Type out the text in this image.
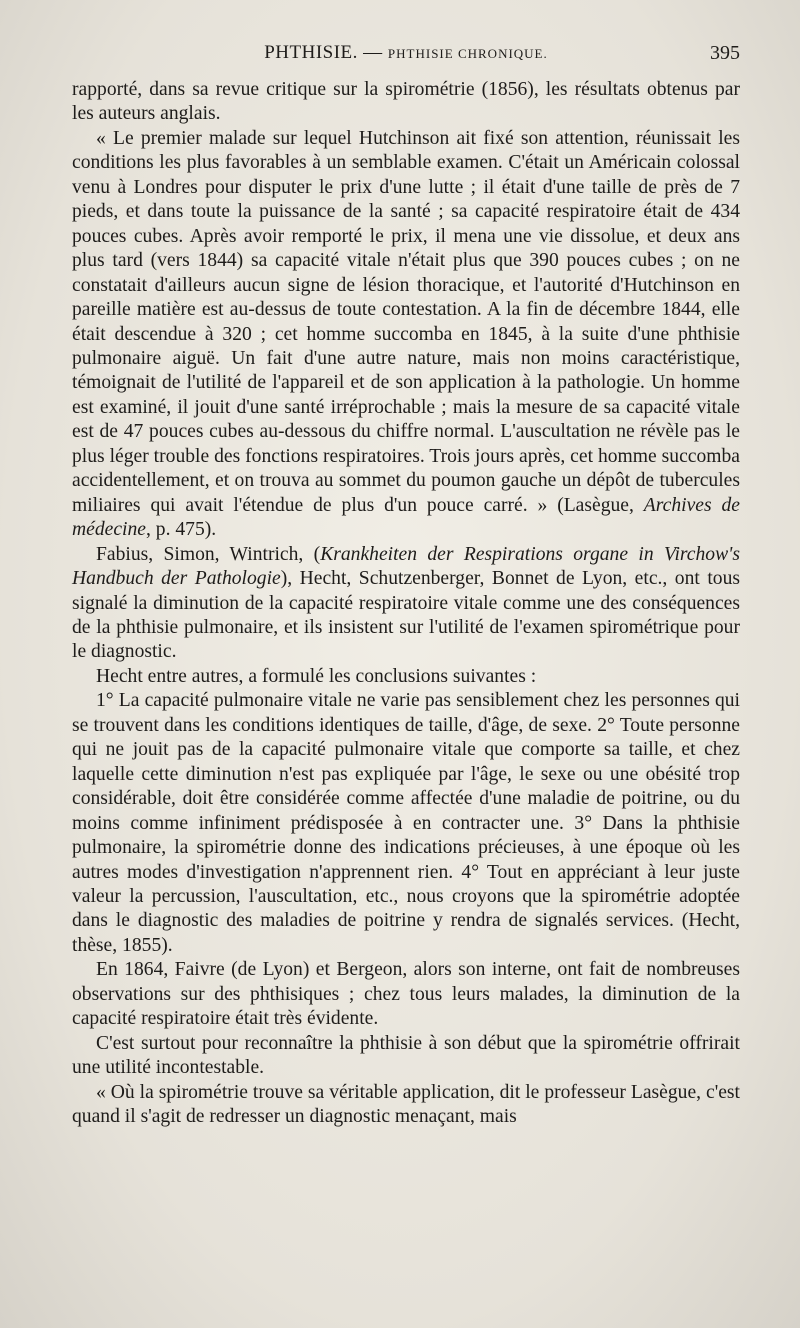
PHTHISIE. — PHTHISIE CHRONIQUE.	395

rapporté, dans sa revue critique sur la spirométrie (1856), les résultats obtenus par les auteurs anglais.

« Le premier malade sur lequel Hutchinson ait fixé son attention, réunissait les conditions les plus favorables à un semblable examen. C'était un Américain colossal venu à Londres pour disputer le prix d'une lutte ; il était d'une taille de près de 7 pieds, et dans toute la puissance de la santé ; sa capacité respiratoire était de 434 pouces cubes. Après avoir remporté le prix, il mena une vie dissolue, et deux ans plus tard (vers 1844) sa capacité vitale n'était plus que 390 pouces cubes ; on ne constatait d'ailleurs aucun signe de lésion thoracique, et l'autorité d'Hutchinson en pareille matière est au-dessus de toute contestation. A la fin de décembre 1844, elle était descendue à 320 ; cet homme succomba en 1845, à la suite d'une phthisie pulmonaire aiguë. Un fait d'une autre nature, mais non moins caractéristique, témoignait de l'utilité de l'appareil et de son application à la pathologie. Un homme est examiné, il jouit d'une santé irréprochable ; mais la mesure de sa capacité vitale est de 47 pouces cubes au-dessous du chiffre normal. L'auscultation ne révèle pas le plus léger trouble des fonctions respiratoires. Trois jours après, cet homme succomba accidentellement, et on trouva au sommet du poumon gauche un dépôt de tubercules miliaires qui avait l'étendue de plus d'un pouce carré. » (Lasègue, Archives de médecine, p. 475).

Fabius, Simon, Wintrich, (Krankheiten der Respirations organe in Virchow's Handbuch der Pathologie), Hecht, Schutzenberger, Bonnet de Lyon, etc., ont tous signalé la diminution de la capacité respiratoire vitale comme une des conséquences de la phthisie pulmonaire, et ils insistent sur l'utilité de l'examen spirométrique pour le diagnostic.

Hecht entre autres, a formulé les conclusions suivantes :

1° La capacité pulmonaire vitale ne varie pas sensiblement chez les personnes qui se trouvent dans les conditions identiques de taille, d'âge, de sexe. 2° Toute personne qui ne jouit pas de la capacité pulmonaire vitale que comporte sa taille, et chez laquelle cette diminution n'est pas expliquée par l'âge, le sexe ou une obésité trop considérable, doit être considérée comme affectée d'une maladie de poitrine, ou du moins comme infiniment prédisposée à en contracter une. 3° Dans la phthisie pulmonaire, la spirométrie donne des indications précieuses, à une époque où les autres modes d'investigation n'apprennent rien. 4° Tout en appréciant à leur juste valeur la percussion, l'auscultation, etc., nous croyons que la spirométrie adoptée dans le diagnostic des maladies de poitrine y rendra de signalés services. (Hecht, thèse, 1855).

En 1864, Faivre (de Lyon) et Bergeon, alors son interne, ont fait de nombreuses observations sur des phthisiques ; chez tous leurs malades, la diminution de la capacité respiratoire était très évidente.

C'est surtout pour reconnaître la phthisie à son début que la spirométrie offrirait une utilité incontestable.

« Où la spirométrie trouve sa véritable application, dit le professeur Lasègue, c'est quand il s'agit de redresser un diagnostic menaçant, mais
